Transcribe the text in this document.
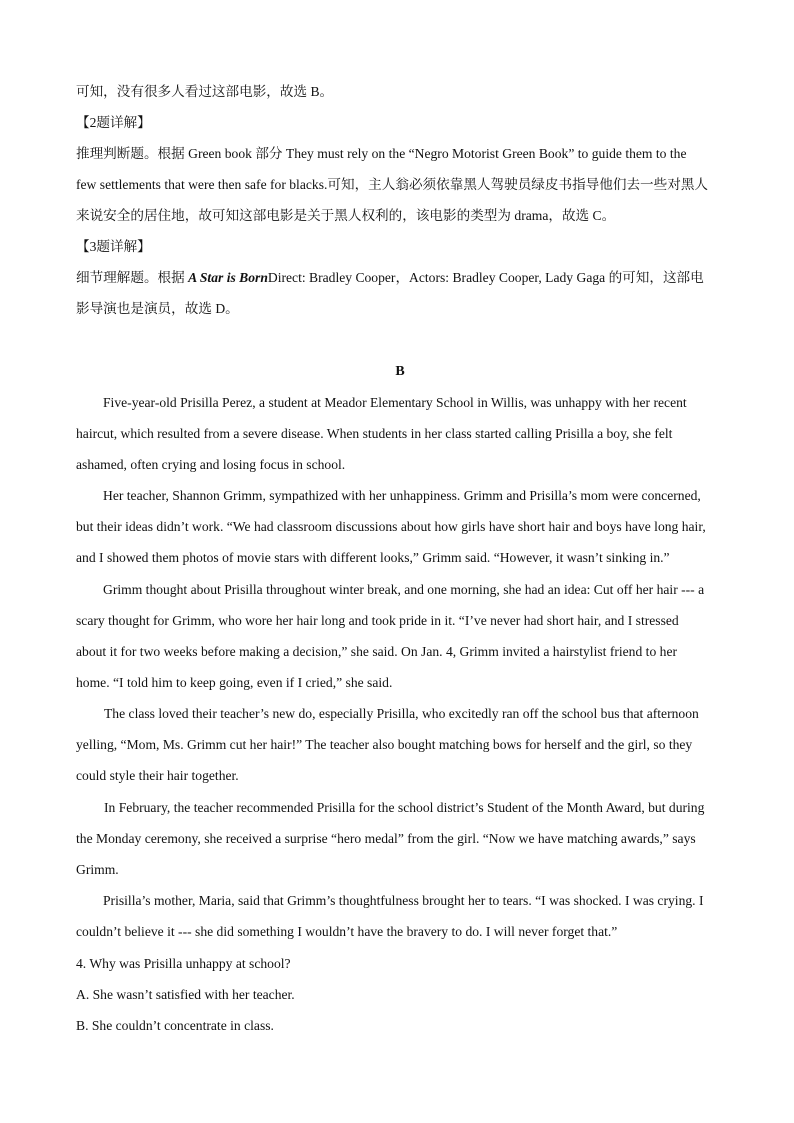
可知，没有很多人看过这部电影，故选 B。
【2题详解】
推理判断题。根据 Green book 部分 They must rely on the “Negro Motorist Green Book” to guide them to the
few settlements that were then safe for blacks.可知，主人翁必须依靠黑人驾驶员绿皮书指导他们去一些对黑人
来说安全的居住地，故可知这部电影是关于黑人权利的，该电影的类型为 drama，故选 C。
【3题详解】
细节理解题。根据 A Star is BornDirect: Bradley Cooper，Actors: Bradley Cooper, Lady Gaga 的可知，这部电
影导演也是演员，故选 D。
B
Five-year-old Prisilla Perez, a student at Meador Elementary School in Willis, was unhappy with her recent
haircut, which resulted from a severe disease. When students in her class started calling Prisilla a boy, she felt
ashamed, often crying and losing focus in school.
Her teacher, Shannon Grimm, sympathized with her unhappiness. Grimm and Prisilla’s mom were concerned,
but their ideas didn’t work. “We had classroom discussions about how girls have short hair and boys have long hair,
and I showed them photos of movie stars with different looks,” Grimm said. “However, it wasn’t sinking in.”
Grimm thought about Prisilla throughout winter break, and one morning, she had an idea: Cut off her hair --- a
scary thought for Grimm, who wore her hair long and took pride in it. “I’ve never had short hair, and I stressed
about it for two weeks before making a decision,” she said. On Jan. 4, Grimm invited a hairstylist friend to her
home. “I told him to keep going, even if I cried,” she said.
The class loved their teacher’s new do, especially Prisilla, who excitedly ran off the school bus that afternoon
yelling, “Mom, Ms. Grimm cut her hair!” The teacher also bought matching bows for herself and the girl, so they
could style their hair together.
In February, the teacher recommended Prisilla for the school district’s Student of the Month Award, but during
the Monday ceremony, she received a surprise “hero medal” from the girl. “Now we have matching awards,” says
Grimm.
Prisilla’s mother, Maria, said that Grimm’s thoughtfulness brought her to tears. “I was shocked. I was crying. I
couldn’t believe it --- she did something I wouldn’t have the bravery to do. I will never forget that.”
4. Why was Prisilla unhappy at school?
A. She wasn’t satisfied with her teacher.
B. She couldn’t concentrate in class.
